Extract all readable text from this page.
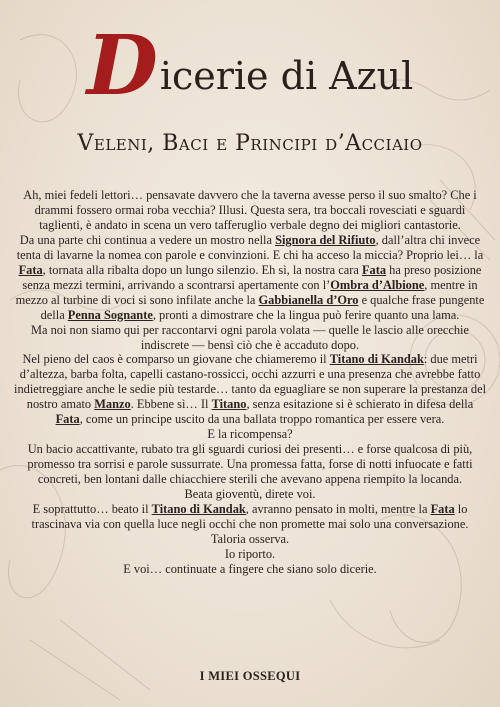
D icerie di Azul
Veleni, Baci e Principi d’Acciaio

Ah, miei fedeli lettori… pensavate davvero che la taverna avesse perso il suo smalto? Che i drammi fossero ormai roba vecchia? Illusi. Questa sera, tra boccali rovesciati e sguardi taglienti, è andato in scena un vero tafferuglio verbale degno dei migliori cantastorie.

Da una parte chi continua a vedere un mostro nella Signora del Rifiuto, dall’altra chi invece tenta di lavarne la nomea con parole e convinzioni. E chi ha acceso la miccia? Proprio lei… la Fata, tornata alla ribalta dopo un lungo silenzio. Eh sì, la nostra cara Fata ha preso posizione senza mezzi termini, arrivando a scontrarsi apertamente con l’Ombra d’Albione, mentre in mezzo al turbine di voci si sono infilate anche la Gabbianella d’Oro e qualche frase pungente della Penna Sognante, pronti a dimostrare che la lingua può ferire quanto una lama.

Ma noi non siamo qui per raccontarvi ogni parola volata — quelle le lascio alle orecchie indiscrete — bensì ciò che è accaduto dopo.

Nel pieno del caos è comparso un giovane che chiameremo il Titano di Kandak: due metri d’altezza, barba folta, capelli castano-rossicci, occhi azzurri e una presenza che avrebbe fatto indietreggiare anche le sedie più testarde… tanto da eguagliare se non superare la prestanza del nostro amato Manzo. Ebbene sì… Il Titano, senza esitazione si è schierato in difesa della Fata, come un principe uscito da una ballata troppo romantica per essere vera.

E la ricompensa?

Un bacio accattivante, rubato tra gli sguardi curiosi dei presenti… e forse qualcosa di più, promesso tra sorrisi e parole sussurrate. Una promessa fatta, forse di notti infuocate e fatti concreti, ben lontani dalle chiacchiere sterili che avevano appena riempito la locanda.

Beata gioventù, direte voi.

E soprattutto… beato il Titano di Kandak, avranno pensato in molti, mentre la Fata lo trascinava via con quella luce negli occhi che non promette mai solo una conversazione.

Taloria osserva.

Io riporto.

E voi… continuate a fingere che siano solo dicerie.

I MIEI OSSEQUI
